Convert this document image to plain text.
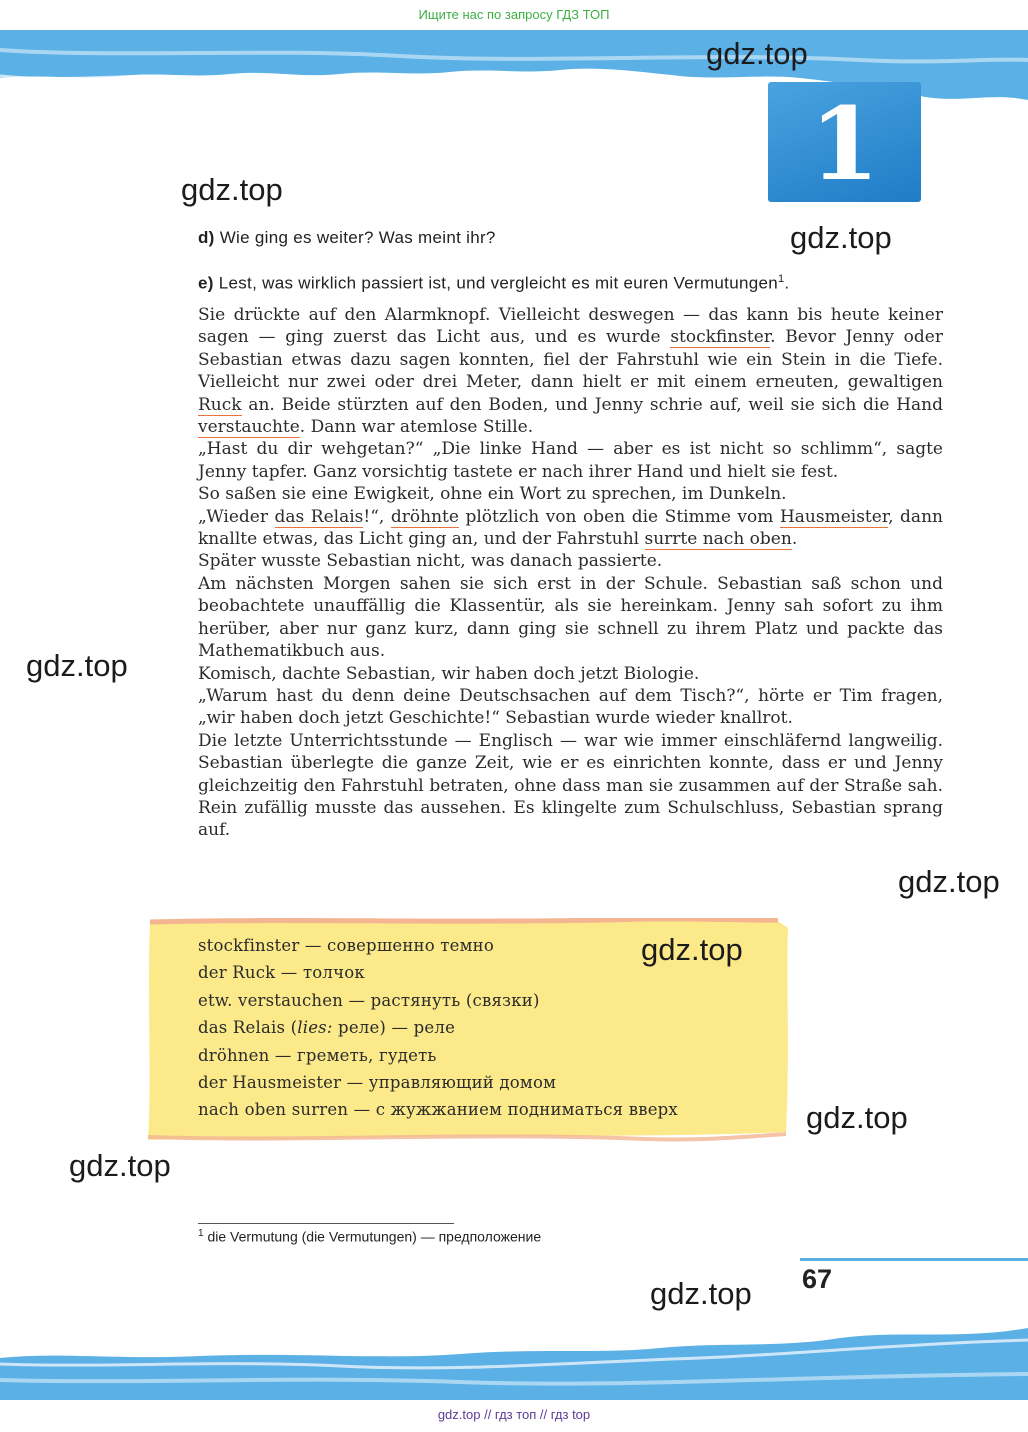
Ищите нас по запросу ГДЗ ТОП
gdz.top
1
gdz.top
gdz.top
d) Wie ging es weiter? Was meint ihr?
e) Lest, was wirklich passiert ist, und vergleicht es mit euren Vermutungen$^1$.

Sie drückte auf den Alarmknopf. Vielleicht deswegen — das kann bis heute keiner sagen — ging zuerst das Licht aus, und es wurde stockfinster. Bevor Jenny oder Sebastian etwas dazu sagen konnten, fiel der Fahrstuhl wie ein Stein in die Tiefe. Vielleicht nur zwei oder drei Meter, dann hielt er mit einem erneuten, gewaltigen Ruck an. Beide stürzten auf den Boden, und Jenny schrie auf, weil sie sich die Hand verstauchte. Dann war atemlose Stille.

„Hast du dir wehgetan?“ „Die linke Hand — aber es ist nicht so schlimm“, sagte Jenny tapfer. Ganz vorsichtig tastete er nach ihrer Hand und hielt sie fest.

So saßen sie eine Ewigkeit, ohne ein Wort zu sprechen, im Dunkeln.

„Wieder das Relais!“, dröhnte plötzlich von oben die Stimme vom Hausmeister, dann knallte etwas, das Licht ging an, und der Fahrstuhl surrte nach oben.

Später wusste Sebastian nicht, was danach passierte.

Am nächsten Morgen sahen sie sich erst in der Schule. Sebastian saß schon und beobachtete unauffällig die Klassentür, als sie hereinkam. Jenny sah sofort zu ihm herüber, aber nur ganz kurz, dann ging sie schnell zu ihrem Platz und packte das Mathematikbuch aus.

Komisch, dachte Sebastian, wir haben doch jetzt Biologie.

„Warum hast du denn deine Deutschsachen auf dem Tisch?“, hörte er Tim fragen, „wir haben doch jetzt Geschichte!“ Sebastian wurde wieder knallrot.

Die letzte Unterrichtsstunde — Englisch — war wie immer einschläfernd langweilig. Sebastian überlegte die ganze Zeit, wie er es einrichten konnte, dass er und Jenny gleichzeitig den Fahrstuhl betraten, ohne dass man sie zusammen auf der Straße sah. Rein zufällig musste das aussehen. Es klingelte zum Schulschluss, Sebastian sprang auf.

gdz.top
gdz.top
stockfinster — совершенно темно
der Ruck — толчок
etw. verstauchen — растянуть (связки)
das Relais (lies: реле) — реле
dröhnen — греметь, гудеть
der Hausmeister — управляющий домом
nach oben surren — с жужжанием подниматься вверх
gdz.top
gdz.top
gdz.top
$^1$ die Vermutung (die Vermutungen) — предположение
67
gdz.top
gdz.top // гдз топ // гдз top
